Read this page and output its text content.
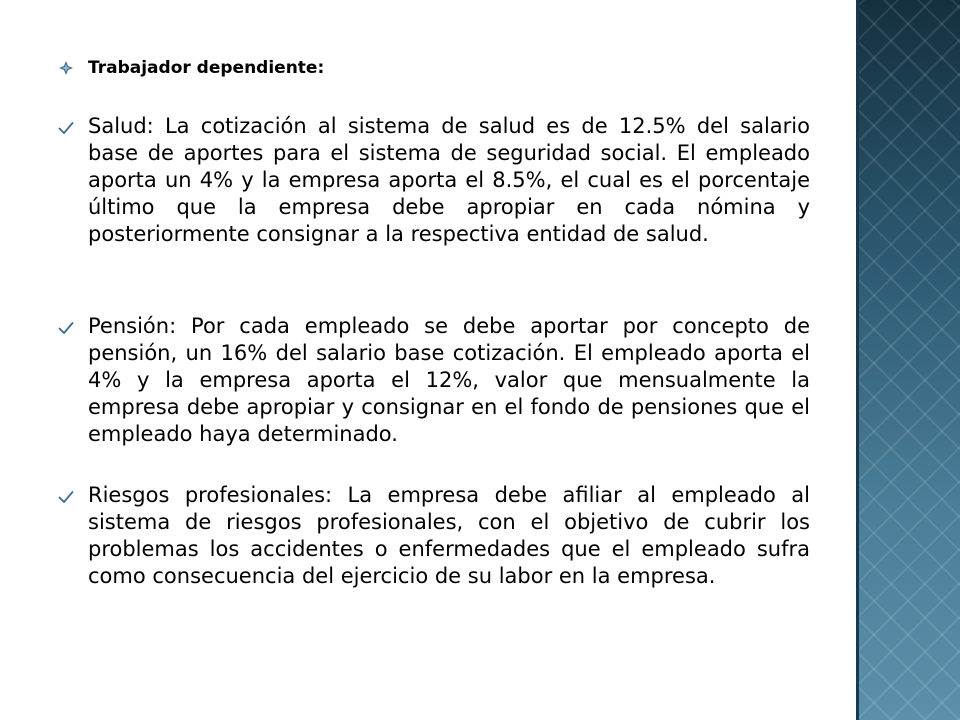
Trabajador dependiente:
Salud: La cotización al sistema de salud es de 12.5% del salario base de aportes para el sistema de seguridad social. El empleado aporta un 4% y la empresa aporta el 8.5%, el cual es el porcentaje último que la empresa debe apropiar en cada nómina y posteriormente consignar a la respectiva entidad de salud.
Pensión: Por cada empleado se debe aportar por concepto de pensión, un 16% del salario base cotización. El empleado aporta el 4% y la empresa aporta el 12%, valor que mensualmente la empresa debe apropiar y consignar en el fondo de pensiones que el empleado haya determinado.
Riesgos profesionales: La empresa debe afiliar al empleado al sistema de riesgos profesionales, con el objetivo de cubrir los problemas los accidentes o enfermedades que el empleado sufra como consecuencia del ejercicio de su labor en la empresa.
